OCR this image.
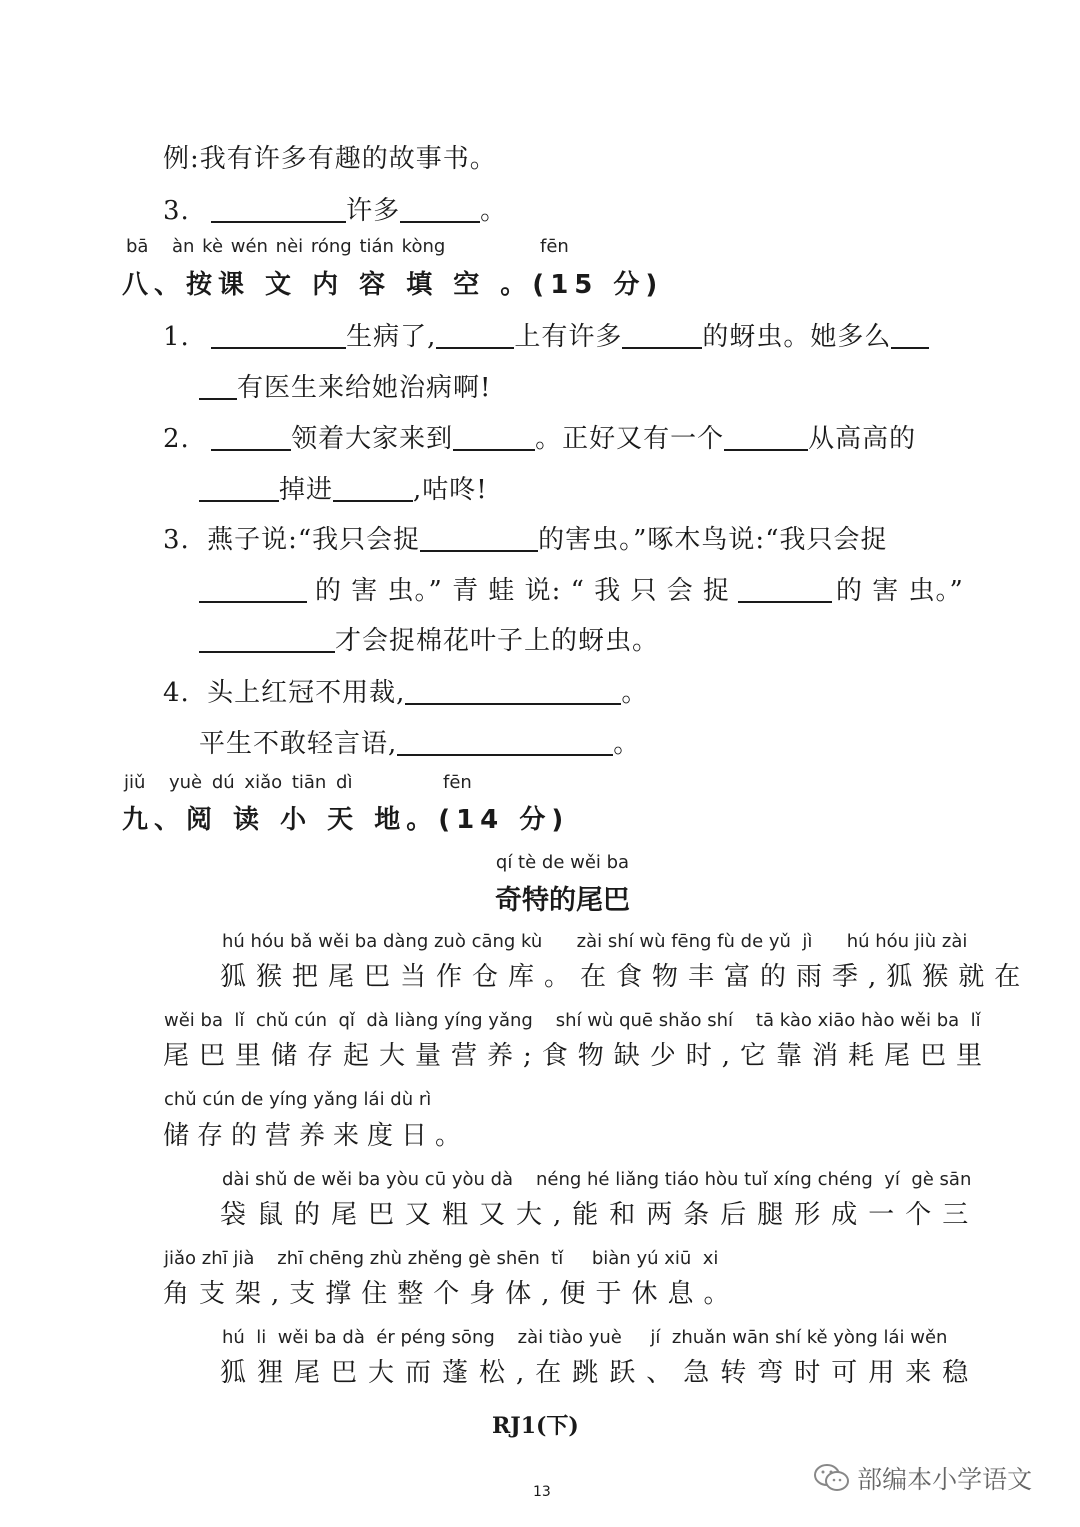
例:我有许多有趣的故事书。
3.	许多	。
bā àn kè wén nèi róng tián kòng	fēn
八、按课 文 内 容 填 空 。(15 分)
1.	生病了,	上有许多	的蚜虫。她多么
有医生来给她治病啊!
2.	领着大家来到	。正好又有一个	从高高的
掉进	,咕咚!
3. 燕子说:“我只会捉	的害虫。”啄木鸟说:“我只会捉
的 害 虫。” 青 蛙 说: “ 我 只 会 捉	的 害 虫。”
才会捉棉花叶子上的蚜虫。
4. 头上红冠不用裁,	。
平生不敢轻言语,	。
jiǔ yuè dú xiǎo tiān dì	fēn
九、阅 读 小 天 地。(14 分)
qí tè de wěi ba
奇特的尾巴
hú hóu bǎ wěi ba dàng zuò cāng kù      zài shí wù fēng fù de yǔ  jì      hú hóu jiù zài
狐猴把尾巴当作仓库。在食物丰富的雨季,狐猴就在
wěi ba  lǐ  chǔ cún  qǐ  dà liàng yíng yǎng    shí wù quē shǎo shí    tā kào xiāo hào wěi ba  lǐ
尾巴里储存起大量营养;食物缺少时,它靠消耗尾巴里
chǔ cún de yíng yǎng lái dù rì
储存的营养来度日。
dài shǔ de wěi ba yòu cū yòu dà    néng hé liǎng tiáo hòu tuǐ xíng chéng  yí  gè sān
袋鼠的尾巴又粗又大,能和两条后腿形成一个三
jiǎo zhī jià    zhī chēng zhù zhěng gè shēn  tǐ     biàn yú xiū  xi
角支架,支撑住整个身体,便于休息。
hú  li  wěi ba dà  ér péng sōng    zài tiào yuè     jí  zhuǎn wān shí kě yòng lái wěn
狐狸尾巴大而蓬松,在跳跃、急转弯时可用来稳
RJ1(下)
13	部编本小学语文
